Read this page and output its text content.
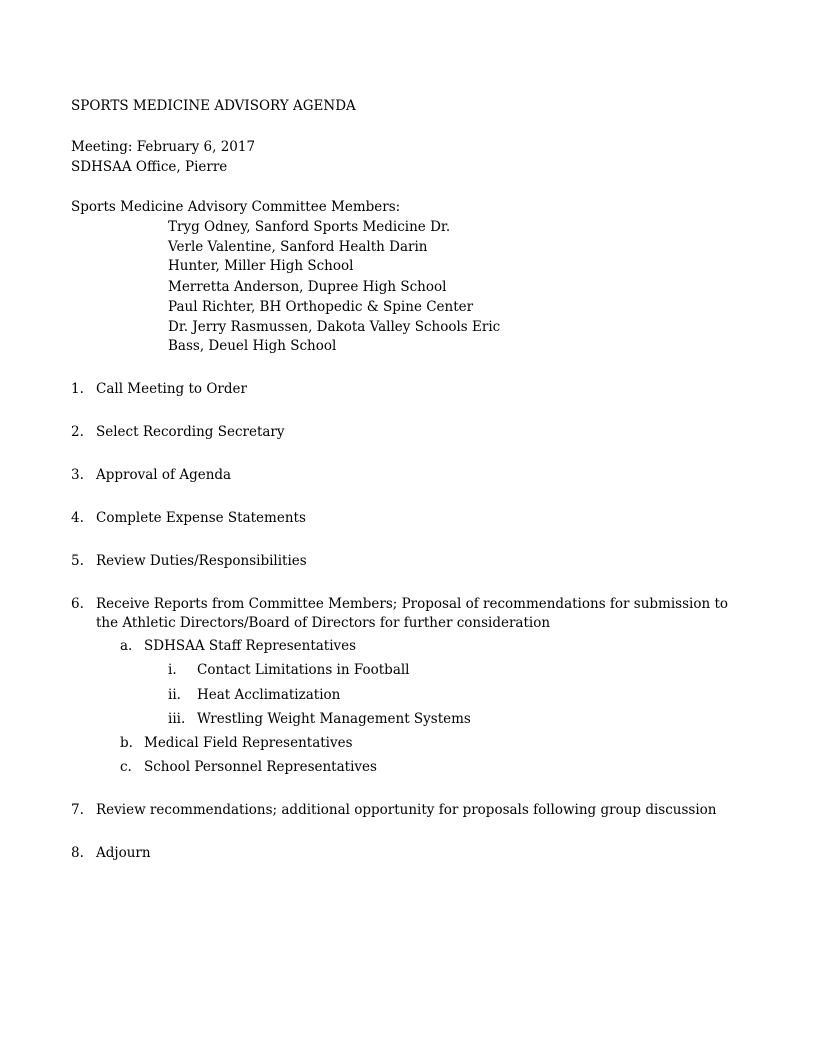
SPORTS MEDICINE ADVISORY AGENDA
Meeting: February 6, 2017
SDHSAA Office, Pierre
Sports Medicine Advisory Committee Members:
Tryg Odney, Sanford Sports Medicine Dr.
Verle Valentine, Sanford Health Darin
Hunter, Miller High School
Merretta Anderson, Dupree High School
Paul Richter, BH Orthopedic & Spine Center
Dr. Jerry Rasmussen, Dakota Valley Schools Eric
Bass, Deuel High School
1. Call Meeting to Order
2. Select Recording Secretary
3. Approval of Agenda
4. Complete Expense Statements
5. Review Duties/Responsibilities
6. Receive Reports from Committee Members; Proposal of recommendations for submission to
the Athletic Directors/Board of Directors for further consideration
a. SDHSAA Staff Representatives
i. Contact Limitations in Football
ii. Heat Acclimatization
iii. Wrestling Weight Management Systems
b. Medical Field Representatives
c. School Personnel Representatives
7. Review recommendations; additional opportunity for proposals following group discussion
8. Adjourn
